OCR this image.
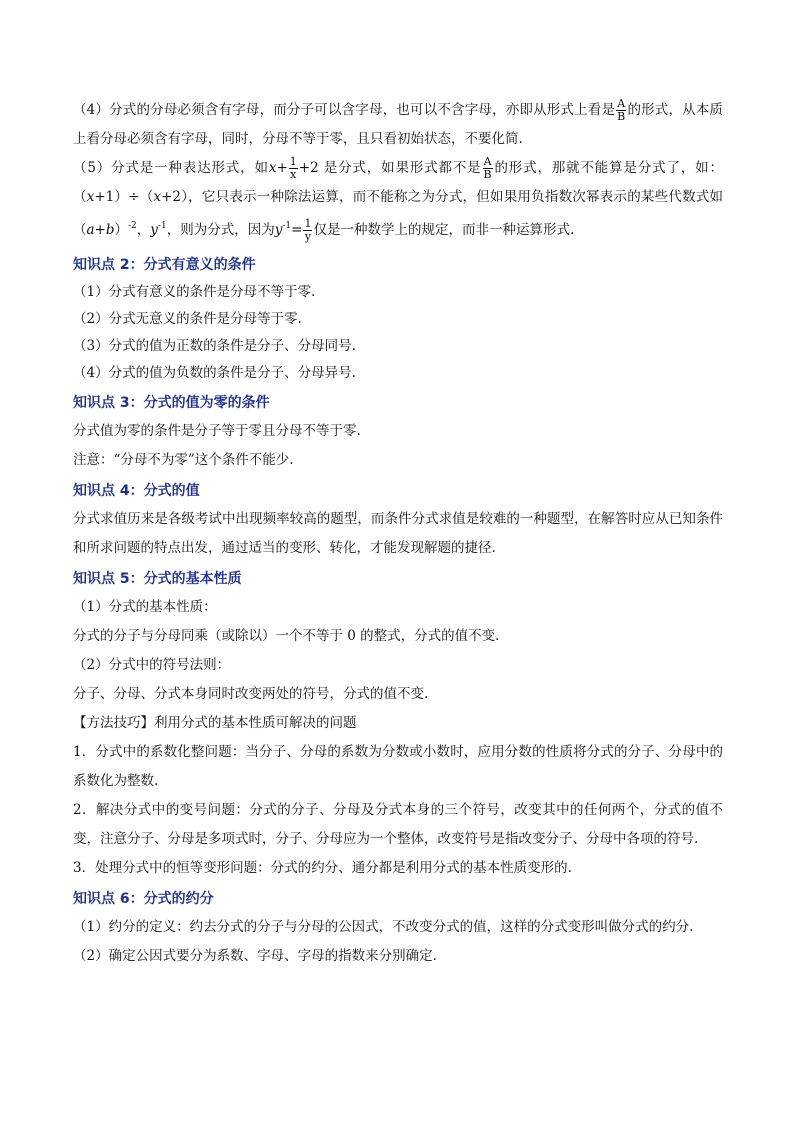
（4）分式的分母必须含有字母，而分子可以含字母，也可以不含字母，亦即从形式上看是 $\frac{A}{B}$ 的形式，从本质上看分母必须含有字母，同时，分母不等于零，且只看初始状态，不要化简.

（5）分式是一种表达形式，如$x+ \frac{1}{x} +2$ 是分式，如果形式都不是 $\frac{A}{B}$ 的形式，那就不能算是分式了，如：（x+1）÷（x+2），它只表示一种除法运算，而不能称之为分式，但如果用负指数次幂表示的某些代数式如$(a+b)^{-2}$，$y^{-1}$，则为分式，因为$y^{-1}= \frac{1}{y}$ 仅是一种数学上的规定，而非一种运算形式.

知识点 2：分式有意义的条件

（1）分式有意义的条件是分母不等于零.

（2）分式无意义的条件是分母等于零.

（3）分式的值为正数的条件是分子、分母同号.

（4）分式的值为负数的条件是分子、分母异号.

知识点 3：分式的值为零的条件

分式值为零的条件是分子等于零且分母不等于零.

注意：“分母不为零”这个条件不能少.

知识点 4：分式的值

分式求值历来是各级考试中出现频率较高的题型，而条件分式求值是较难的一种题型，在解答时应从已知条件和所求问题的特点出发，通过适当的变形、转化，才能发现解题的捷径.

知识点 5：分式的基本性质

（1）分式的基本性质：

分式的分子与分母同乘（或除以）一个不等于 0 的整式，分式的值不变.

（2）分式中的符号法则：

分子、分母、分式本身同时改变两处的符号，分式的值不变.

【方法技巧】利用分式的基本性质可解决的问题

1．分式中的系数化整问题：当分子、分母的系数为分数或小数时，应用分数的性质将分式的分子、分母中的系数化为整数.

2．解决分式中的变号问题：分式的分子、分母及分式本身的三个符号，改变其中的任何两个，分式的值不变，注意分子、分母是多项式时，分子、分母应为一个整体，改变符号是指改变分子、分母中各项的符号.

3．处理分式中的恒等变形问题：分式的约分、通分都是利用分式的基本性质变形的.

知识点 6：分式的约分

（1）约分的定义：约去分式的分子与分母的公因式，不改变分式的值，这样的分式变形叫做分式的约分.

（2）确定公因式要分为系数、字母、字母的指数来分别确定.
